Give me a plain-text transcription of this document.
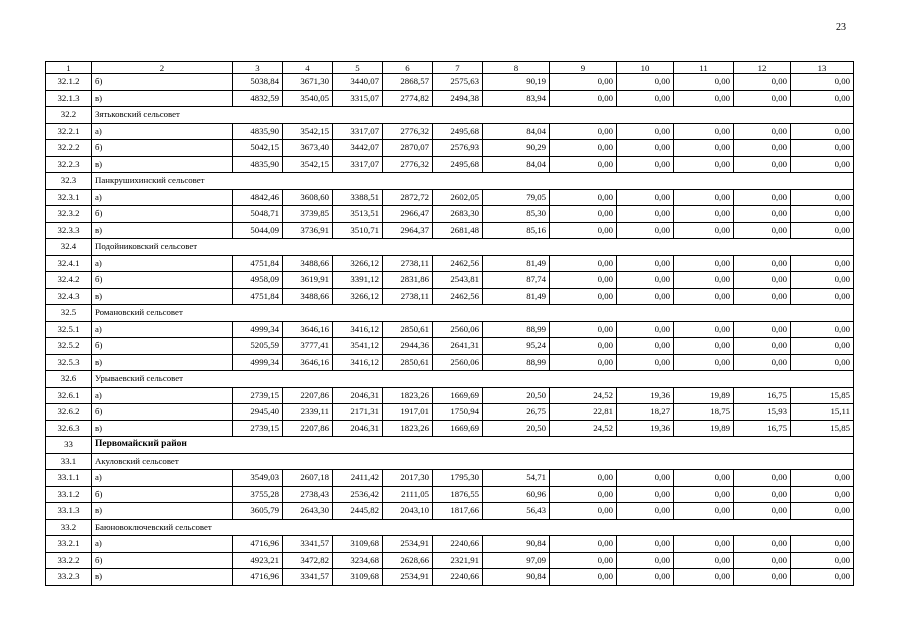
23
1	2	3	4	5	6	7	8	9	10	11	12	13
32.1.2	б)	5038,84	3671,30	3440,07	2868,57	2575,63	90,19	0,00	0,00	0,00	0,00	0,00
32.1.3	в)	4832,59	3540,05	3315,07	2774,82	2494,38	83,94	0,00	0,00	0,00	0,00	0,00
32.2	Зятьковский сельсовет											
32.2.1	а)	4835,90	3542,15	3317,07	2776,32	2495,68	84,04	0,00	0,00	0,00	0,00	0,00
32.2.2	б)	5042,15	3673,40	3442,07	2870,07	2576,93	90,29	0,00	0,00	0,00	0,00	0,00
32.2.3	в)	4835,90	3542,15	3317,07	2776,32	2495,68	84,04	0,00	0,00	0,00	0,00	0,00
32.3	Панкрушихинский сельсовет											
32.3.1	а)	4842,46	3608,60	3388,51	2872,72	2602,05	79,05	0,00	0,00	0,00	0,00	0,00
32.3.2	б)	5048,71	3739,85	3513,51	2966,47	2683,30	85,30	0,00	0,00	0,00	0,00	0,00
32.3.3	в)	5044,09	3736,91	3510,71	2964,37	2681,48	85,16	0,00	0,00	0,00	0,00	0,00
32.4	Подойниковский сельсовет											
32.4.1	а)	4751,84	3488,66	3266,12	2738,11	2462,56	81,49	0,00	0,00	0,00	0,00	0,00
32.4.2	б)	4958,09	3619,91	3391,12	2831,86	2543,81	87,74	0,00	0,00	0,00	0,00	0,00
32.4.3	в)	4751,84	3488,66	3266,12	2738,11	2462,56	81,49	0,00	0,00	0,00	0,00	0,00
32.5	Романовский сельсовет											
32.5.1	а)	4999,34	3646,16	3416,12	2850,61	2560,06	88,99	0,00	0,00	0,00	0,00	0,00
32.5.2	б)	5205,59	3777,41	3541,12	2944,36	2641,31	95,24	0,00	0,00	0,00	0,00	0,00
32.5.3	в)	4999,34	3646,16	3416,12	2850,61	2560,06	88,99	0,00	0,00	0,00	0,00	0,00
32.6	Урываевский сельсовет											
32.6.1	а)	2739,15	2207,86	2046,31	1823,26	1669,69	20,50	24,52	19,36	19,89	16,75	15,85
32.6.2	б)	2945,40	2339,11	2171,31	1917,01	1750,94	26,75	22,81	18,27	18,75	15,93	15,11
32.6.3	в)	2739,15	2207,86	2046,31	1823,26	1669,69	20,50	24,52	19,36	19,89	16,75	15,85
33	Первомайский район											
33.1	Акуловский сельсовет											
33.1.1	а)	3549,03	2607,18	2411,42	2017,30	1795,30	54,71	0,00	0,00	0,00	0,00	0,00
33.1.2	б)	3755,28	2738,43	2536,42	2111,05	1876,55	60,96	0,00	0,00	0,00	0,00	0,00
33.1.3	в)	3605,79	2643,30	2445,82	2043,10	1817,66	56,43	0,00	0,00	0,00	0,00	0,00
33.2	Баюновоключевский сельсовет											
33.2.1	а)	4716,96	3341,57	3109,68	2534,91	2240,66	90,84	0,00	0,00	0,00	0,00	0,00
33.2.2	б)	4923,21	3472,82	3234,68	2628,66	2321,91	97,09	0,00	0,00	0,00	0,00	0,00
33.2.3	в)	4716,96	3341,57	3109,68	2534,91	2240,66	90,84	0,00	0,00	0,00	0,00	0,00
